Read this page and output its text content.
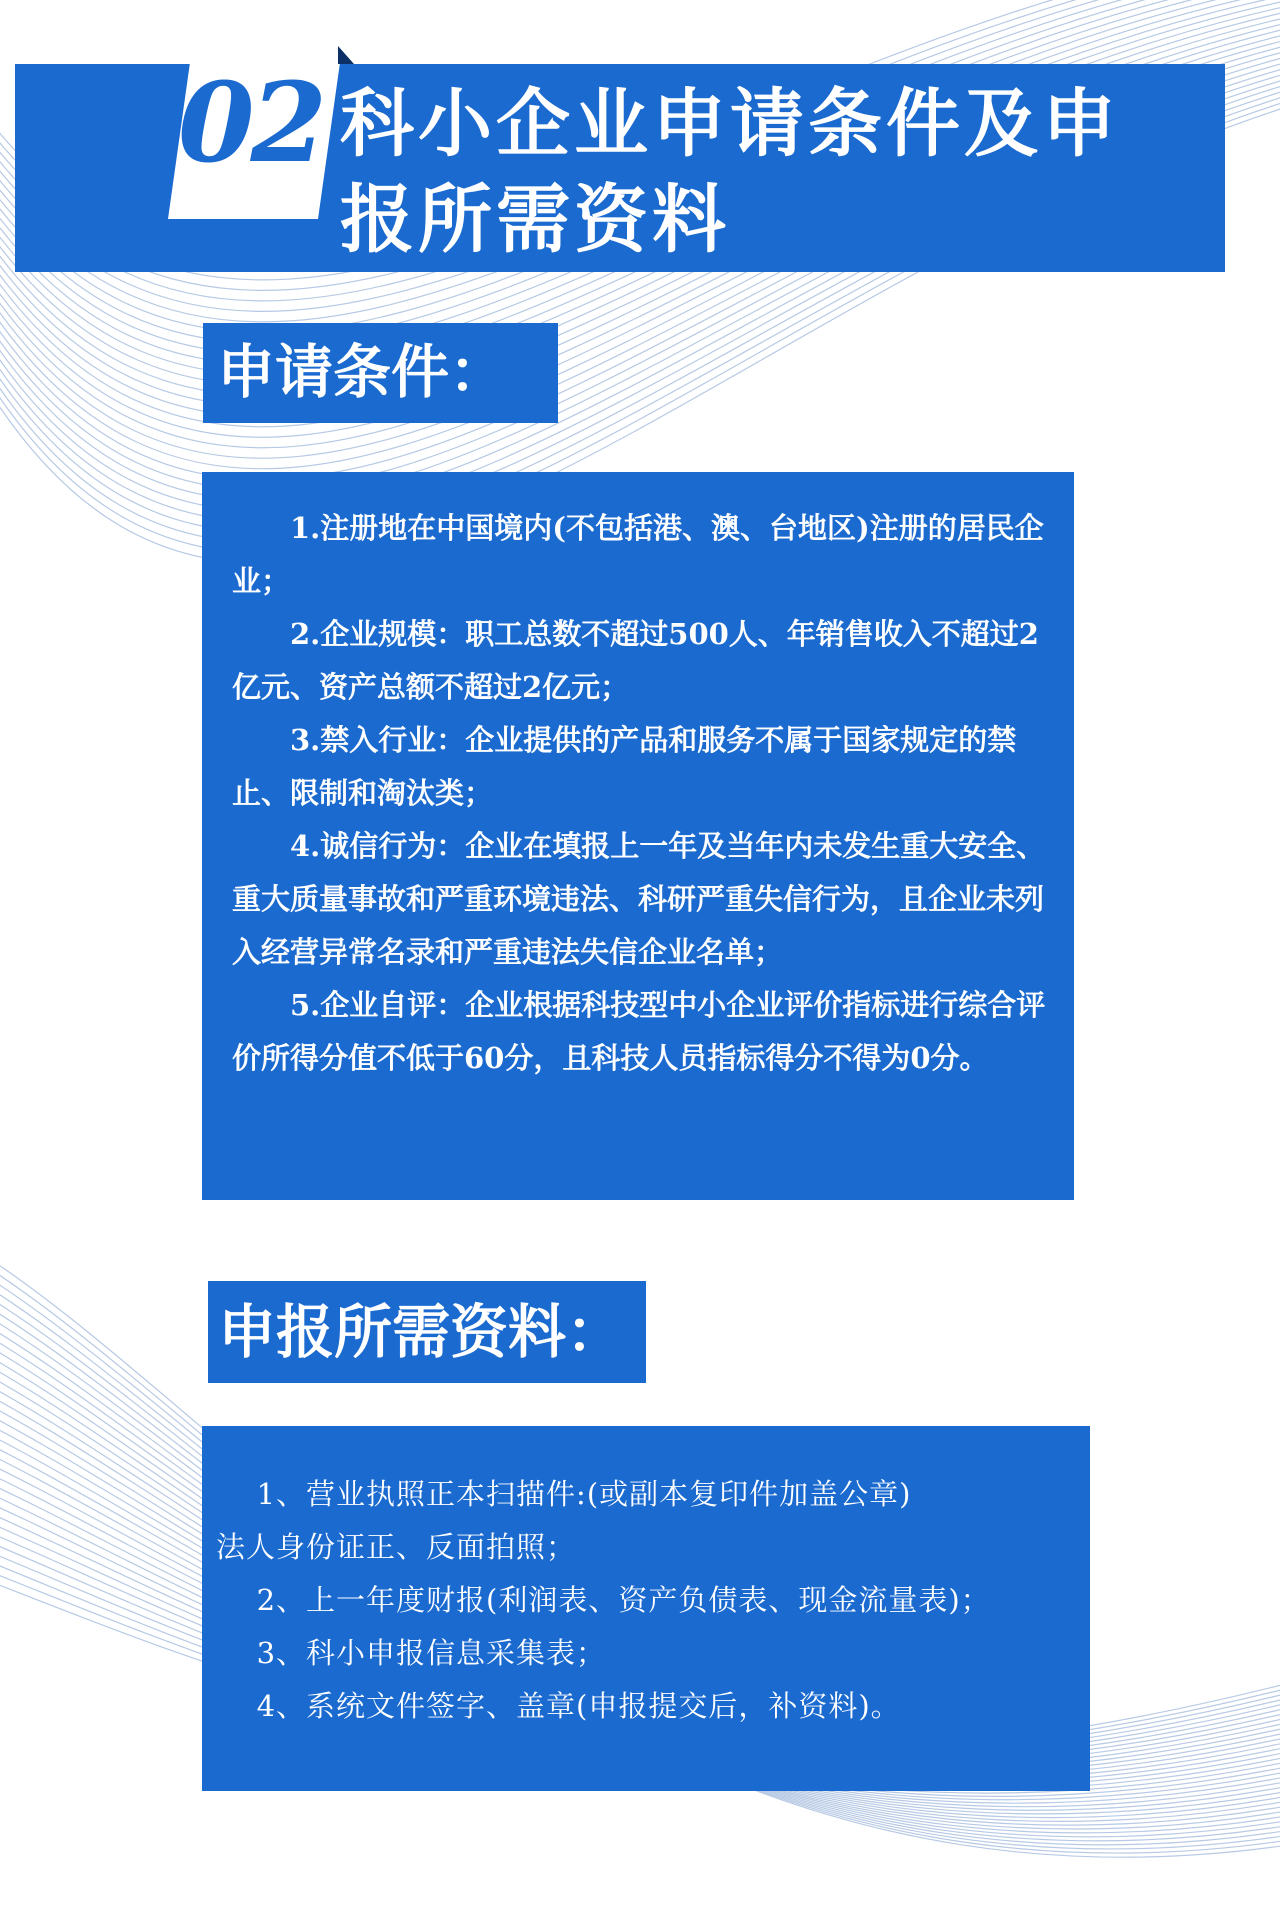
02 科小企业申请条件及申
报所需资料
申请条件：

1.注册地在中国境内(不包括港、澳、台地区)注册的居民企业；

2.企业规模：职工总数不超过500人、年销售收入不超过2亿元、资产总额不超过2亿元；

3.禁入行业：企业提供的产品和服务不属于国家规定的禁止、限制和淘汰类；

4.诚信行为：企业在填报上一年及当年内未发生重大安全、重大质量事故和严重环境违法、科研严重失信行为，且企业未列入经营异常名录和严重违法失信企业名单；

5.企业自评：企业根据科技型中小企业评价指标进行综合评价所得分值不低于60分，且科技人员指标得分不得为0分。

申报所需资料：

1、营业执照正本扫描件:(或副本复印件加盖公章)

法人身份证正、反面拍照；

2、上一年度财报(利润表、资产负债表、现金流量表)；

3、科小申报信息采集表；

4、系统文件签字、盖章(申报提交后，补资料)。
